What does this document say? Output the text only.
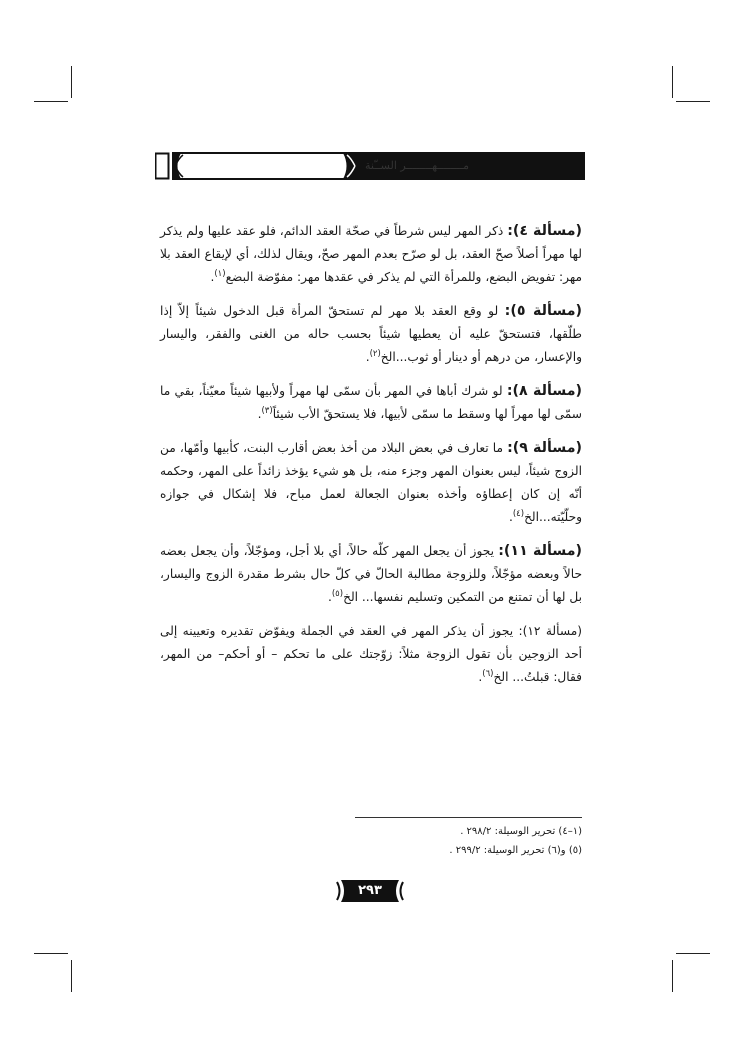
مــــــــهــــــــر الســّنة

(مسألة ٤): ذكر المهر ليس شرطاً في صحّة العقد الدائم، فلو عقد عليها ولم يذكر لها مهراً أصلاً صحّ العقد، بل لو صرّح بعدم المهر صحّ، ويقال لذلك، أي لإيقاع العقد بلا مهر: تفويض البضع، وللمرأة التي لم يذكر في عقدها مهر: مفوّضة البضع$^{(١)}$.

(مسألة ٥): لو وقع العقد بلا مهر لم تستحقّ المرأة قبل الدخول شيئاً إلاّ إذا طلّقها، فتستحقّ عليه أن يعطيها شيئاً بحسب حاله من الغنى والفقر، واليسار والإعسار، من درهم أو دينار أو ثوب...الخ$^{(٢)}$.

(مسألة ٨): لو شرك أباها في المهر بأن سمّى لها مهراً ولأبيها شيئاً معيّناً، بقي ما سمّى لها مهراً لها وسقط ما سمّى لأبيها، فلا يستحقّ الأب شيئاً$^{(٣)}$.

(مسألة ٩): ما تعارف في بعض البلاد من أخذ بعض أقارب البنت، كأبيها وأمّها، من الزوج شيئاً، ليس بعنوان المهر وجزء منه، بل هو شيء يؤخذ زائداً على المهر، وحكمه أنّه إن كان إعطاؤه وأخذه بعنوان الجعالة لعمل مباح، فلا إشكال في جوازه وحلّيّته...الخ$^{(٤)}$.

(مسألة ١١): يجوز أن يجعل المهر كلّه حالاً، أي بلا أجل، ومؤجّلاً، وأن يجعل بعضه حالاً وبعضه مؤجّلاً، وللزوجة مطالبة الحالّ في كلّ حال بشرط مقدرة الزوج واليسار، بل لها أن تمتنع من التمكين وتسليم نفسها... الخ$^{(٥)}$.

(مسألة ١٢): يجوز أن يذكر المهر في العقد في الجملة ويفوّض تقديره وتعيينه إلى أحد الزوجين بأن تقول الزوجة مثلاً: زوّجتك على ما تحكم – أو أحكم– من المهر، فقال: قبلتُ... الخ$^{(٦)}$.

(١–٤) تحرير الوسيلة: ٢٩٨/٢ .
(٥) و(٦) تحرير الوسيلة: ٢٩٩/٢ .
٢٩٣
